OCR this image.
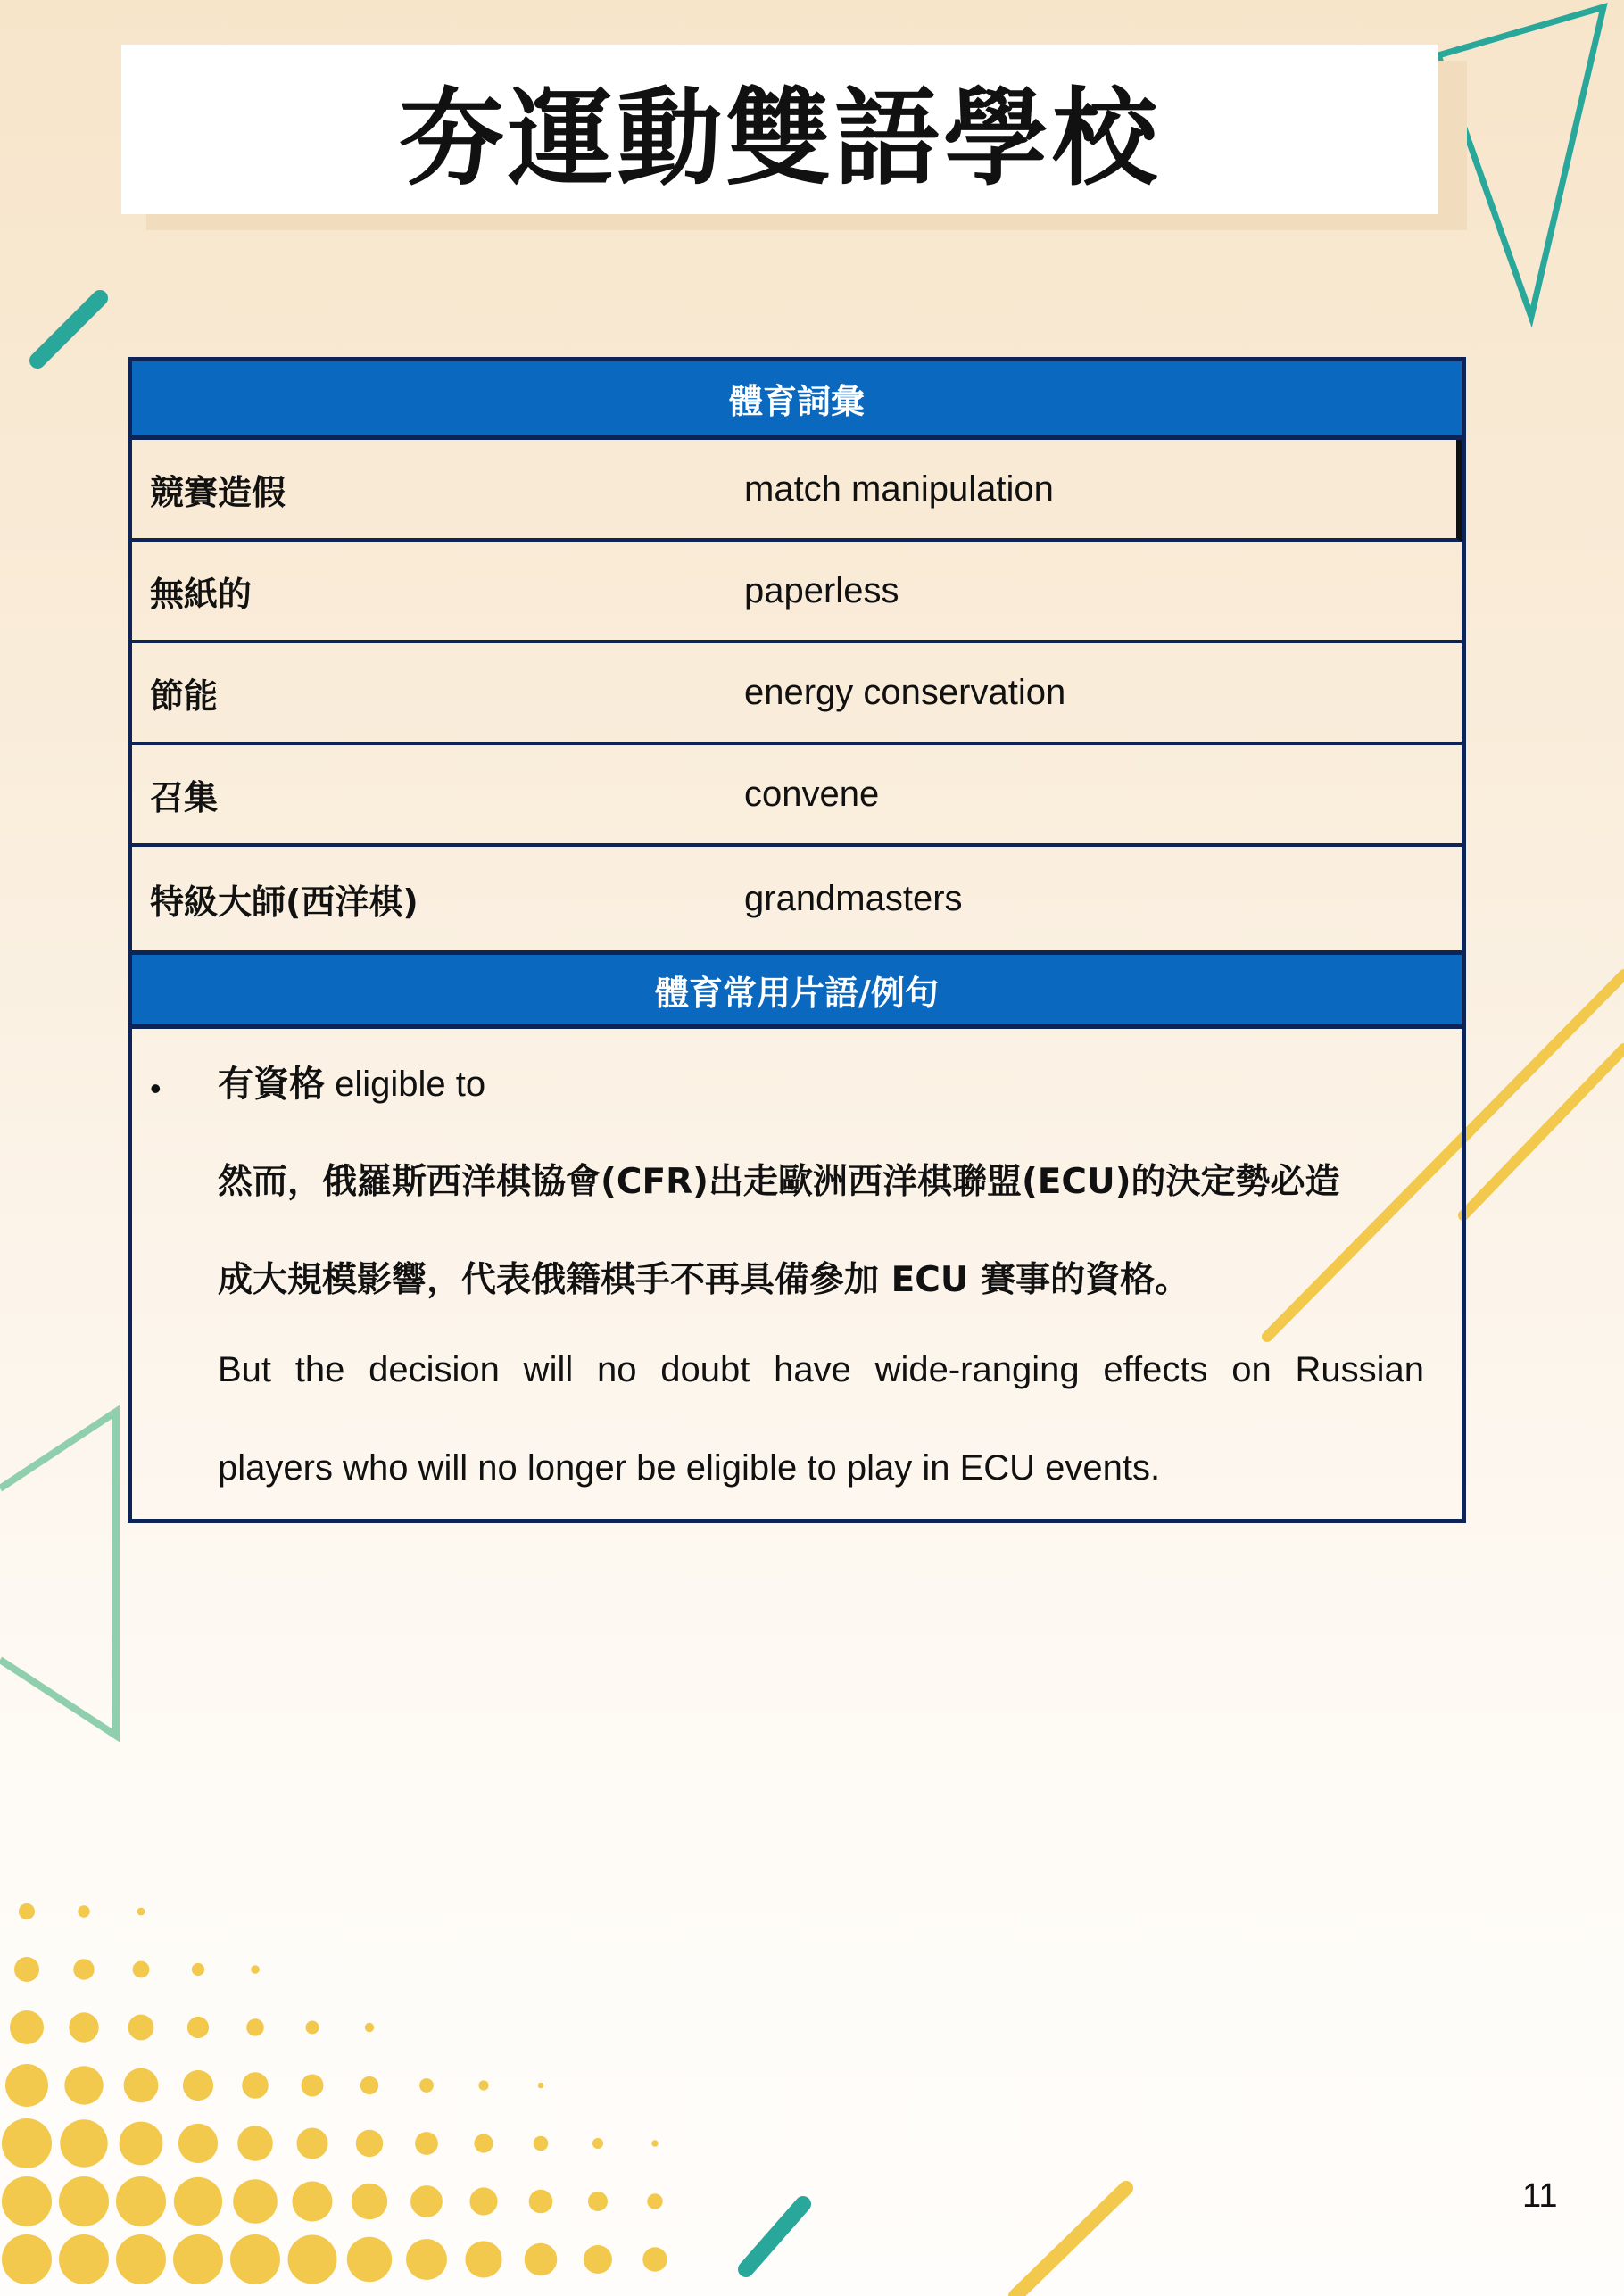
夯運動雙語學校
體育詞彙
競賽造假	match manipulation
無紙的	paperless
節能	energy conservation
召集	convene
特級大師(西洋棋)	grandmasters
體育常用片語/例句
• 有資格 eligible to
然而，俄羅斯西洋棋協會(CFR)出走歐洲西洋棋聯盟(ECU)的決定勢必造
成大規模影響，代表俄籍棋手不再具備參加 ECU 賽事的資格。
But the decision will no doubt have wide-ranging effects on Russian
players who will no longer be eligible to play in ECU events.
11
